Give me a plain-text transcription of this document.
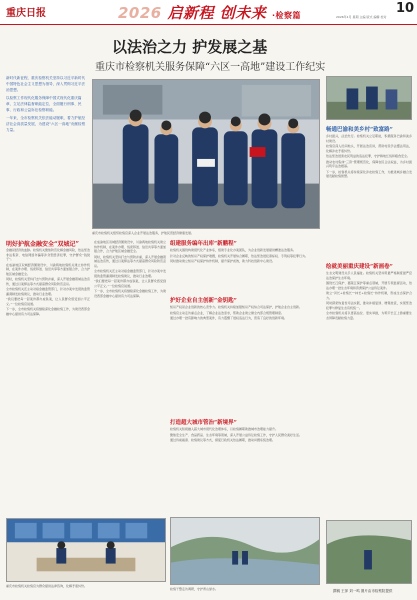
重庆日报	2026 启新程 创未来 ·检察篇	10
2026年1月 星期 主编 版式 编辑 校对
以法治之力 护发展之基
重庆市检察机关服务保障“六区一高地”建设工作纪实

新时代新征程，重庆检察机关坚持以习近平新时代中国特色社会主义思想为指导，深入贯彻习近平法治思想。

以检察工作现代化服务保障中国式现代化重庆篇章，立足法律监督职能定位，全面履行刑事、民事、行政和公益诉讼检察职能。

一年来，全市检察机关依法能动履职，着力护航经济社会高质量发展，为建设“六区一高地”贡献检察力量。

重庆市检察机关组织检察官深入企业开展法治服务，护航民营经济健康发展。
明好护航金融安全“双城记”

金融是经济的血脉。检察机关聚焦防范化解金融风险，依法惩治非法集资、电信网络诈骗等涉众型经济犯罪，守护群众“钱袋子”。

在成渝地区双城经济圈建设中，川渝两地检察机关建立协作机制，在案件办理、线索移送、信息共享等方面加强合作，合力护航区域金融安全。

同时，检察机关坚持打击与预防并重，深入开展金融领域法治宣传，通过以案释法等方式提高群众风险防范意识。

全市检察机关还主动对接金融监管部门，针对办案中发现的监管漏洞制发检察建议，推动行业治理。

“我们要把每一起案件都办成铁案，让人民群众感受到公平正义。”一位检察官说道。

下一步，全市检察机关将继续深化金融检察工作，为建设西部金融中心提供有力司法保障。

在成渝地区双城经济圈建设中，川渝两地检察机关建立协作机制，在案件办理、线索移送、信息共享等方面加强合作，合力护航区域金融安全。

同时，检察机关坚持打击与预防并重，深入开展金融领域法治宣传，通过以案释法等方式提高群众风险防范意识。

全市检察机关还主动对接金融监管部门，针对办案中发现的监管漏洞制发检察建议，推动行业治理。

“我们要把每一起案件都办成铁案，让人民群众感受到公平正义。”一位检察官说道。

下一步，全市检察机关将继续深化金融检察工作，为建设西部金融中心提供有力司法保障。

组建服务编年出库“新鹏程”

检察机关围绕构建现代化产业体系，组建专业化办案团队，为企业创新发展提供精准法治服务。

针对企业反映的知识产权保护难题，检察机关开展综合履职，依法惩治侵犯商标权、专利权等犯罪行为。

同时推动建立知识产权保护协作机制，提升保护质效，助力科技创新中心建设。

护好企业自主创新“金钥匙”

知识产权是企业创新的核心竞争力。检察机关持续加强知识产权综合司法保护，护航企业自主创新。

检察官主动走访重点企业，了解企业法治需求，帮助企业建立健全内部合规管理制度。

通过办理一批有影响力的典型案件，有力震慑了侵权违法行为，营造了良好的创新环境。

打造超大城市管治“新境界”

检察机关积极融入超大城市现代化治理体系，以检察履职助推城市治理能力提升。

聚焦安全生产、食品药品、生态环境等领域，深入开展公益诉讼检察工作，守护人民群众美好生活。

通过诉前磋商、检察建议等方式，督促行政机关依法履职，推动问题系统治理。

畅通巴渝和美乡村“致富路”

乡村振兴，法治先行。检察机关立足职能，积极服务巴渝和美乡村建设。

检察官深入田间地头，开展法治宣讲，帮助村民学法懂法用法，化解涉农矛盾纠纷。

依法惩治侵害农民利益的违法犯罪，守护耕地红线和粮食安全。

推动农村集体“三资”管理规范化，保障农民合法权益，为乡村振兴筑牢法治根基。

下一步，检察机关将持续深化涉农检察工作，为推进城乡融合发展贡献检察智慧。

绘就美丽重庆建设“新画卷”

生态文明建设关乎人民福祉。检察机关坚持用最严格制度最严密法治保护生态环境。

围绕长江保护、嘉陵江保护等重点领域，开展专项监督活动，依法办理一批生态环境和资源保护公益诉讼案件。

建立“河长+检察长”“林长+检察长”协作机制，形成生态保护合力。

同时探索恢复性司法实践，推动补植复绿、增殖放流，实现惩治犯罪与修复生态有机统一。

全市检察机关将以更高站位、更实举措，为筑牢长江上游重要生态屏障贡献检察力量。

重庆市检察机关检察官为群众提供法律咨询，化解矛盾纠纷。
检察干警走访调研，守护青山绿水。	撰稿 王萍 刘一鸣 图片由市检察院提供
